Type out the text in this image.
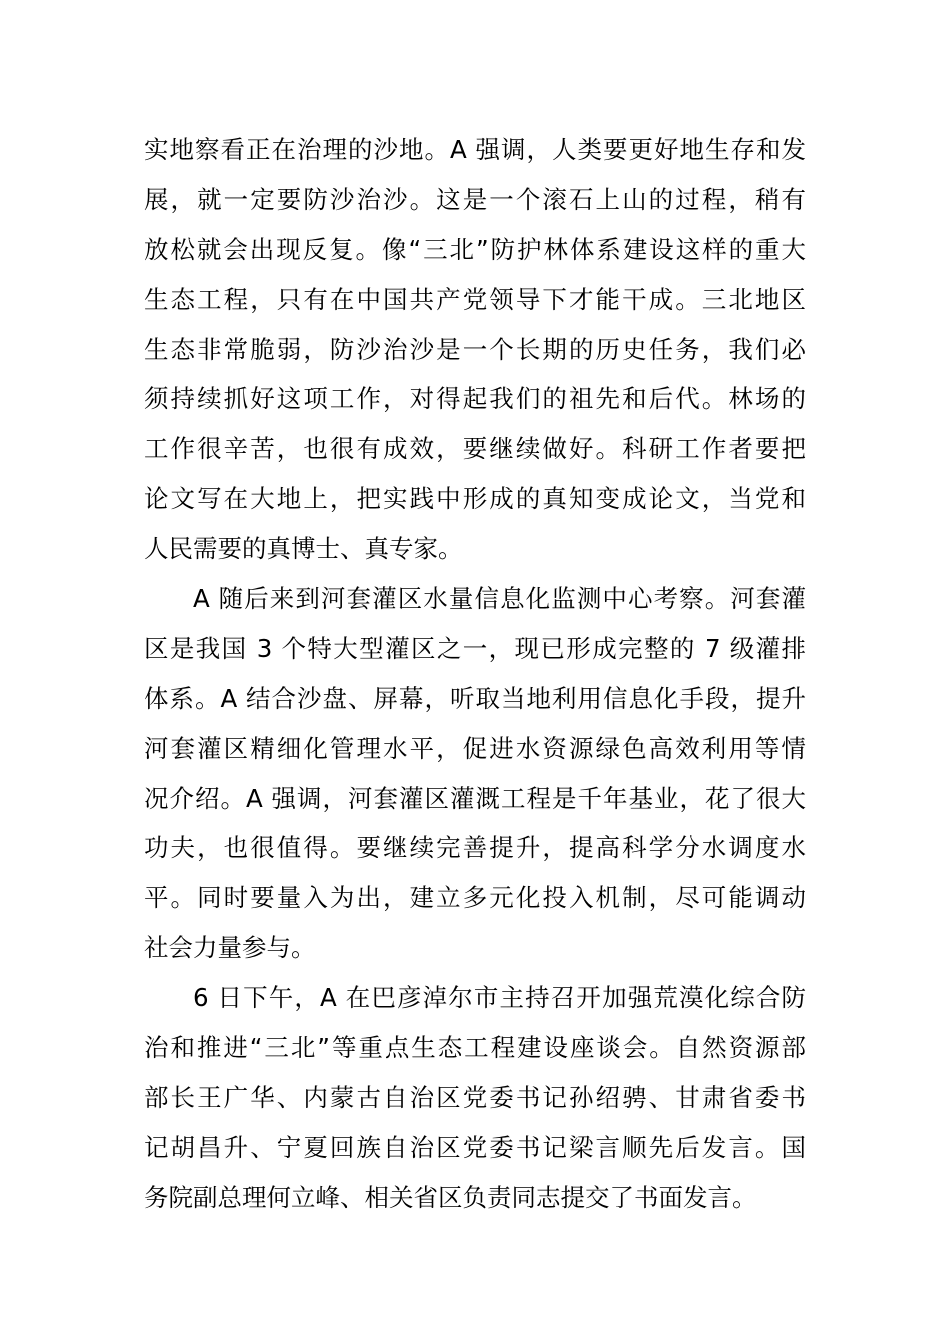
实地察看正在治理的沙地。A 强调，人类要更好地生存和发
展，就一定要防沙治沙。这是一个滚石上山的过程，稍有
放松就会出现反复。像“三北”防护林体系建设这样的重大
生态工程，只有在中国共产党领导下才能干成。三北地区
生态非常脆弱，防沙治沙是一个长期的历史任务，我们必
须持续抓好这项工作，对得起我们的祖先和后代。林场的
工作很辛苦，也很有成效，要继续做好。科研工作者要把
论文写在大地上，把实践中形成的真知变成论文，当党和
人民需要的真博士、真专家。
A 随后来到河套灌区水量信息化监测中心考察。河套灌
区是我国 3 个特大型灌区之一，现已形成完整的 7 级灌排
体系。A 结合沙盘、屏幕，听取当地利用信息化手段，提升
河套灌区精细化管理水平，促进水资源绿色高效利用等情
况介绍。A 强调，河套灌区灌溉工程是千年基业，花了很大
功夫，也很值得。要继续完善提升，提高科学分水调度水
平。同时要量入为出，建立多元化投入机制，尽可能调动
社会力量参与。
6 日下午，A 在巴彦淖尔市主持召开加强荒漠化综合防
治和推进“三北”等重点生态工程建设座谈会。自然资源部
部长王广华、内蒙古自治区党委书记孙绍骋、甘肃省委书
记胡昌升、宁夏回族自治区党委书记梁言顺先后发言。国
务院副总理何立峰、相关省区负责同志提交了书面发言。
